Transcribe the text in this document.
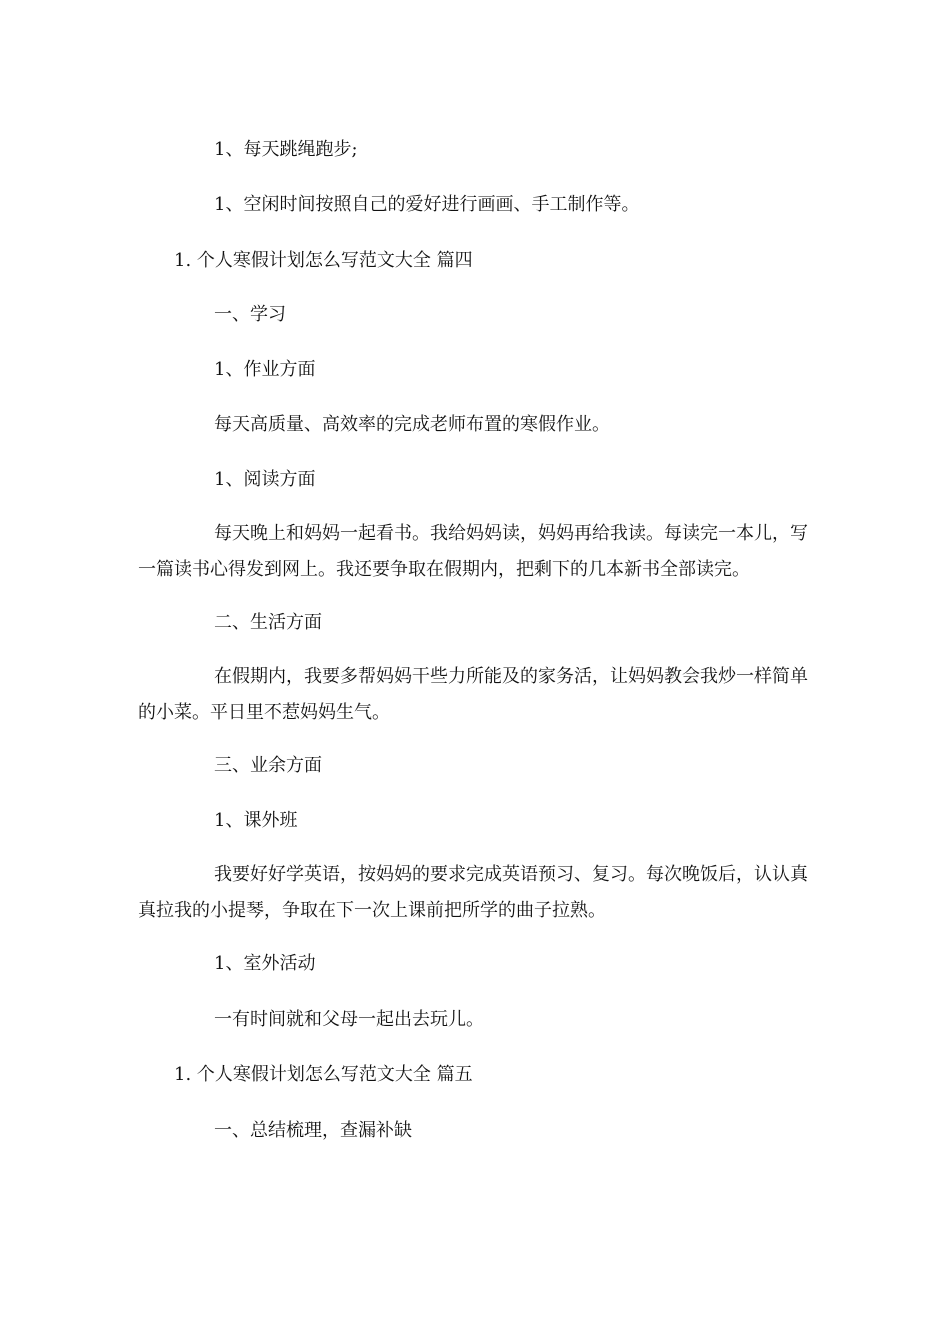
1、每天跳绳跑步;
1、空闲时间按照自己的爱好进行画画、手工制作等。
1. 个人寒假计划怎么写范文大全 篇四
一、学习
1、作业方面
每天高质量、高效率的完成老师布置的寒假作业。
1、阅读方面
每天晚上和妈妈一起看书。我给妈妈读，妈妈再给我读。每读完一本儿，写一篇读书心得发到网上。我还要争取在假期内，把剩下的几本新书全部读完。
二、生活方面
在假期内，我要多帮妈妈干些力所能及的家务活，让妈妈教会我炒一样简单的小菜。平日里不惹妈妈生气。
三、业余方面
1、课外班
我要好好学英语，按妈妈的要求完成英语预习、复习。每次晚饭后，认认真真拉我的小提琴，争取在下一次上课前把所学的曲子拉熟。
1、室外活动
一有时间就和父母一起出去玩儿。
1. 个人寒假计划怎么写范文大全 篇五
一、总结梳理，查漏补缺
